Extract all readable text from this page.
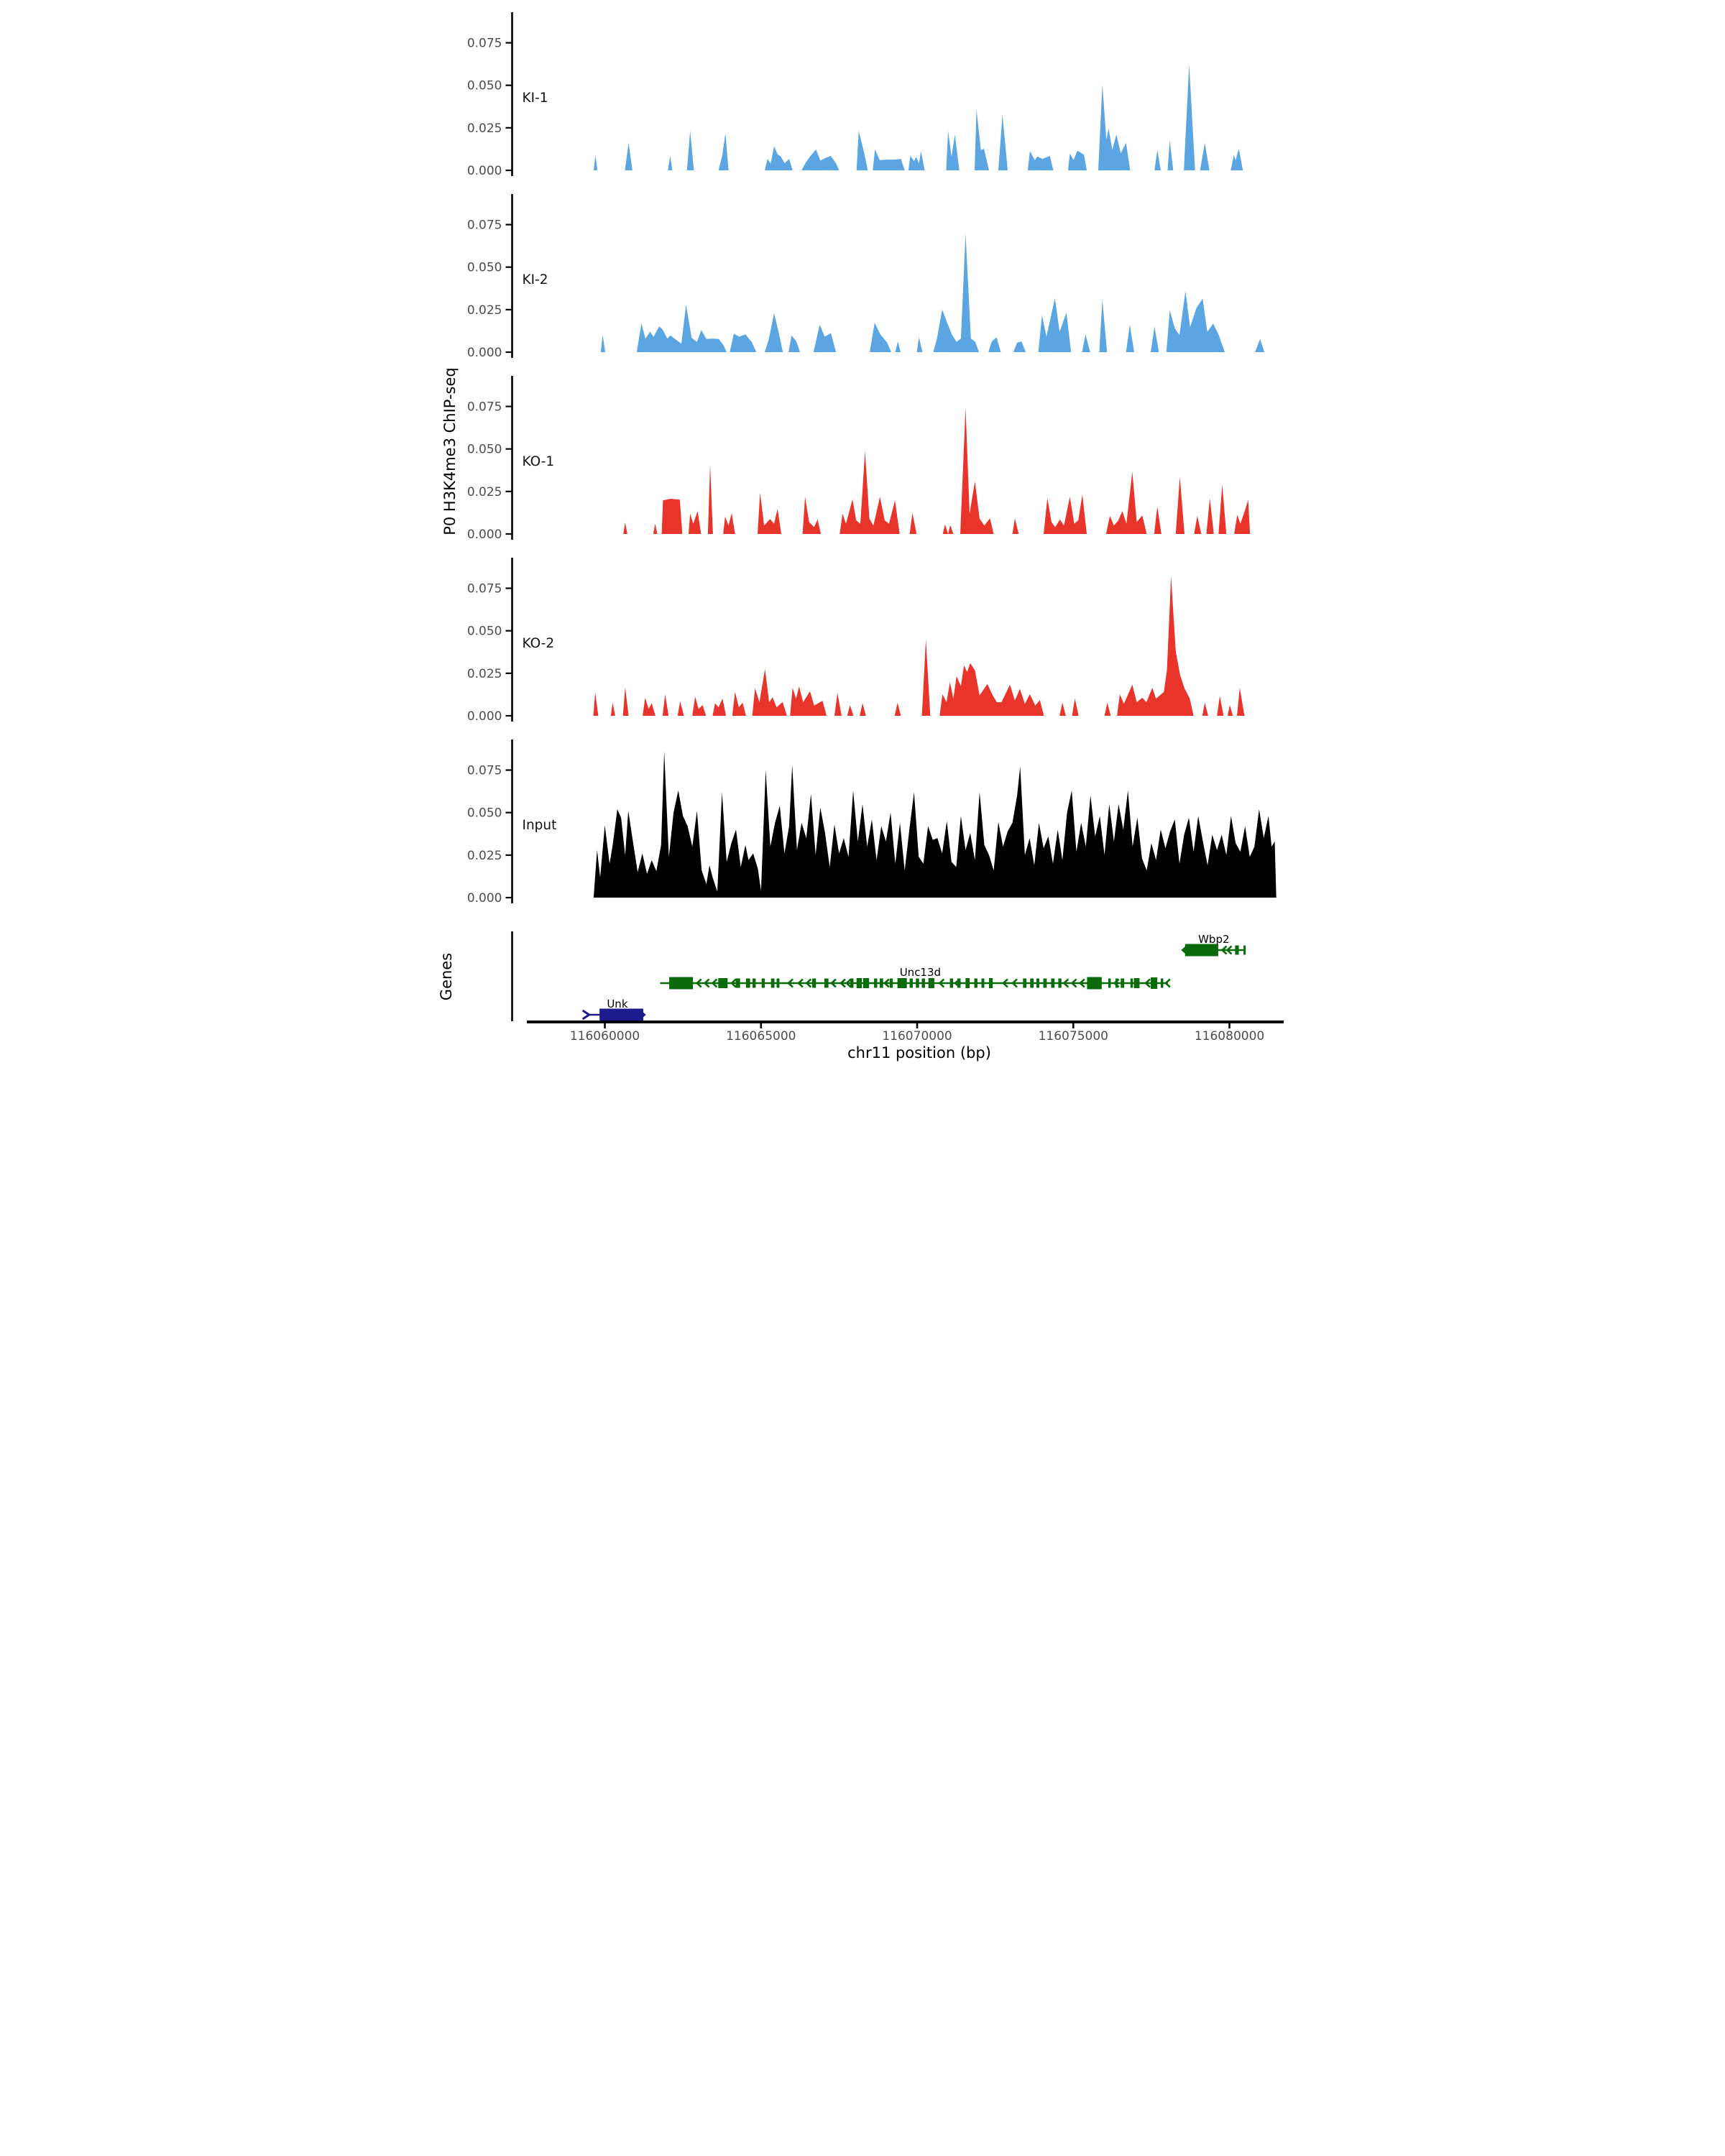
P0 H3K4me3 ChIP-seq
Genes
chr11 position (bp)
0.000
0.025
0.050
0.075
KI-1
0.000
0.025
0.050
0.075
KI-2
0.000
0.025
0.050
0.075
KO-1
0.000
0.025
0.050
0.075
KO-2
0.000
0.025
0.050
0.075
Input
Wbp2
Unc13d
Unk
116060000	116065000	116070000	116075000	116080000
